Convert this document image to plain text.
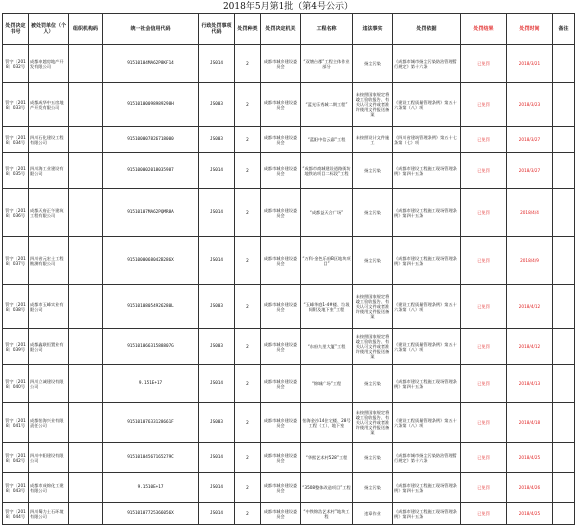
2018年5月第1批（第4号公示）
处罚决定书号	被处罚单位（个人）	组织机构码	统一社会信用代码	行政处罚事项代码	处罚种类	处罚决定机关	工程名称	违法事实	处罚依据	处罚结果	处罚时间	备注
罚字〔2018〕032号	成都申越房地产开发有限公司		91510104MA62P8KF14	JS014	2	成都市城乡建设委员会	“双塘台郡”工程主体作业部分	扬尘污染	《成都市城市扬尘污染防治管理暂行规定》第十六条	已免罚	2018/3/21	
罚字〔2018〕033号	成都成华中五房地产开发有限公司		91510100098989298H	JS003	2	成都市城乡建设委员会	“蓝光乐秀城二期工程”	未按照国家规定将竣工验收报告、有关认可文件或者准许使用文件报送备案	《建设工程质量管理条例》第五十六条第（八）项	已免罚	2018/3/23	
罚字〔2018〕034号	四川石化建设工程有限公司		915100007826718000	JS003	2	成都市城乡建设委员会	“蓝阳中信云邸”工程	未按照设计文件施工	《四川省建筑管理条例》第五十七条第（七）项	已免罚	2018/3/27	
罚字〔2018〕035号	四川海工业建设有限公司		915100002018035987	JS014	2	成都市城乡建设委员会	“成都市商城建设道路街坊地铁站项目二标段”工程	扬尘污染	《成都市建设工程施工现场管理条例》第四十五条	已免罚	2018/3/27	
罚字〔2018〕036号	成都天府正午建筑工程有限公司		91510107MA62PQMR8A	JS014	2	成都市城乡建设委员会	“成都益天合广场”	扬尘污染	《成都市建设工程施工现场管理条例》第四十五条	已免罚	2018/4/4	
罚字〔2018〕037号	四川省元宏土工程勘测有限公司		9151000068042B286X	JS014	2	成都市城乡建设委员会	“万科·金色乐府B区地块项目”	扬尘污染	《成都市建设工程施工现场管理条例》第四十五条	已免罚	2018/4/9	
罚字〔2018〕038号	成都市玉峰实业有限公司		91510108054926280L	JS003	2	成都市城乡建设委员会	“玉峰华庭1-4#楼、垃圾间附及地下室”工程	未按照国家规定将竣工验收报告、有关认可文件或者准许使用文件报送备案	《建设工程质量管理条例》第五十六条第（八）项	已免罚	2018/4/12	
罚字〔2018〕039号	成都鑫联恒置业有限公司		91510106631588807G	JS003	2	成都市城乡建设委员会	“东府九里大厦”工程	未按照国家规定将竣工验收报告、有关认可文件或者准许使用文件报送备案	《建设工程质量管理条例》第五十六条第（八）项	已免罚	2018/4/12	
罚字〔2018〕040号	四川立诚建设有限公司		9.151E+17	JS014	2	成都市城乡建设委员会	“锦城广场”工程	扬尘污染	《成都市建设工程施工现场管理条例》第四十五条	已免罚	2018/4/13	
罚字〔2018〕041号	成都怡海兴业有限责任公司		91510107633128661F	JS003	2	成都市城乡建设委员会	怡海金沙14住宅楼、28号工程（工）、地下室	未按照国家规定将竣工验收报告、有关认可文件或者准许使用文件报送备案	《建设工程质量管理条例》第五十六条第（八）项	已免罚	2018/4/18	
罚字〔2018〕042号	四川中阳建设有限公司		91510104567165279C	JS014	2	成都市城乡建设委员会	“华熙艺术村528”工程	扬尘污染	《成都市城市扬尘污染防治管理暂行规定》第十六条	已免罚	2018/4/25	
罚字〔2018〕043号	成都市成绵化工建有限公司		9.1510E+17	JS014	2	成都市城乡建设委员会	“3508整体改造项目”工程	扬尘污染	《成都市建设工程施工现场管理条例》第四十五条	已免罚	2018/4/26	
罚字〔2018〕044号	四川蜀力土石环境有限公司		91510107725366056X	JS014	2	成都市城乡建设委员会	“中铁锦浩艺术村”地块工程	违章作业	《成都市建设工程施工现场管理条例》第四十五条	已免罚	2018/4/25	
